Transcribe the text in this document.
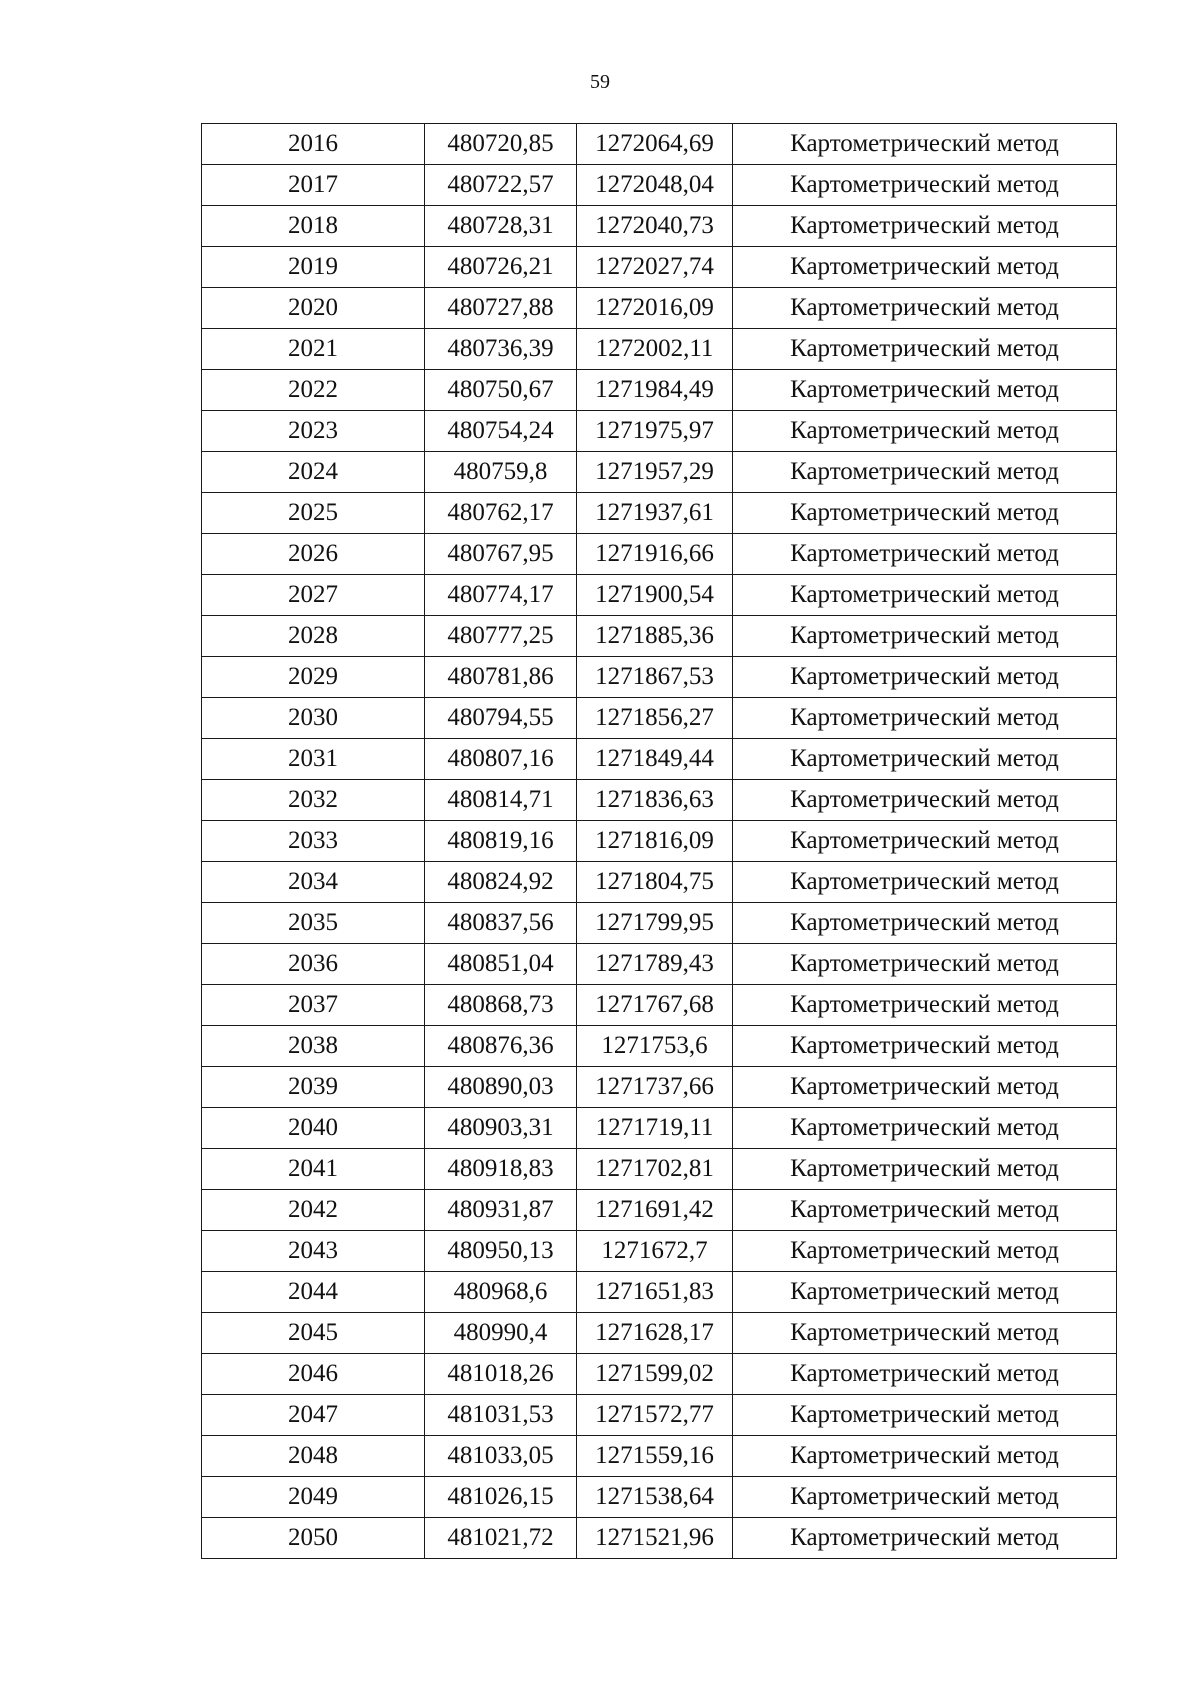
59
2016	480720,85	1272064,69	Картометрический метод
2017	480722,57	1272048,04	Картометрический метод
2018	480728,31	1272040,73	Картометрический метод
2019	480726,21	1272027,74	Картометрический метод
2020	480727,88	1272016,09	Картометрический метод
2021	480736,39	1272002,11	Картометрический метод
2022	480750,67	1271984,49	Картометрический метод
2023	480754,24	1271975,97	Картометрический метод
2024	480759,8	1271957,29	Картометрический метод
2025	480762,17	1271937,61	Картометрический метод
2026	480767,95	1271916,66	Картометрический метод
2027	480774,17	1271900,54	Картометрический метод
2028	480777,25	1271885,36	Картометрический метод
2029	480781,86	1271867,53	Картометрический метод
2030	480794,55	1271856,27	Картометрический метод
2031	480807,16	1271849,44	Картометрический метод
2032	480814,71	1271836,63	Картометрический метод
2033	480819,16	1271816,09	Картометрический метод
2034	480824,92	1271804,75	Картометрический метод
2035	480837,56	1271799,95	Картометрический метод
2036	480851,04	1271789,43	Картометрический метод
2037	480868,73	1271767,68	Картометрический метод
2038	480876,36	1271753,6	Картометрический метод
2039	480890,03	1271737,66	Картометрический метод
2040	480903,31	1271719,11	Картометрический метод
2041	480918,83	1271702,81	Картометрический метод
2042	480931,87	1271691,42	Картометрический метод
2043	480950,13	1271672,7	Картометрический метод
2044	480968,6	1271651,83	Картометрический метод
2045	480990,4	1271628,17	Картометрический метод
2046	481018,26	1271599,02	Картометрический метод
2047	481031,53	1271572,77	Картометрический метод
2048	481033,05	1271559,16	Картометрический метод
2049	481026,15	1271538,64	Картометрический метод
2050	481021,72	1271521,96	Картометрический метод
